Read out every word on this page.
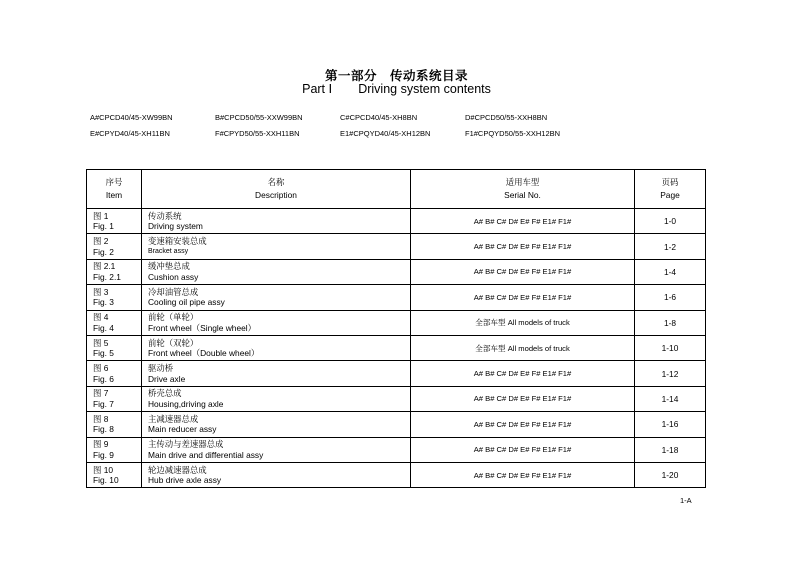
第一部分　传动系统目录
Part Ⅰ Driving system contents
A#CPCD40/45-XW99BN	B#CPCD50/55-XXW99BN	C#CPCD40/45-XH8BN	D#CPCD50/55-XXH8BN
E#CPYD40/45-XH11BN	F#CPYD50/55-XXH11BN	E1#CPQYD40/45-XH12BN	F1#CPQYD50/55-XXH12BN
序号
Item	名称
Description	适用车型
Serial No.	页码
Page

图 1
Fig. 1	传动系统
Driving system	A# B# C# D# E# F# E1# F1#	1-0

图 2
Fig. 2	变速箱安装总成
Bracket assy	A# B# C# D# E# F# E1# F1#	1-2

图 2.1
Fig. 2.1	缓冲垫总成
Cushion assy	A# B# C# D# E# F# E1# F1#	1-4

图 3
Fig. 3	冷却油管总成
Cooling oil pipe assy	A# B# C# D# E# F# E1# F1#	1-6

图 4
Fig. 4	前轮（单轮）
Front wheel（Single wheel）	全部车型 All models of truck	1-8

图 5
Fig. 5	前轮（双轮）
Front wheel（Double wheel）	全部车型 All models of truck	1-10

图 6
Fig. 6	驱动桥
Drive axle	A# B# C# D# E# F# E1# F1#	1-12

图 7
Fig. 7	桥壳总成
Housing,driving axle	A# B# C# D# E# F# E1# F1#	1-14

图 8
Fig. 8	主减速器总成
Main reducer assy	A# B# C# D# E# F# E1# F1#	1-16

图 9
Fig. 9	主传动与差速器总成
Main drive and differential assy	A# B# C# D# E# F# E1# F1#	1-18

图 10
Fig. 10	轮边减速器总成
Hub drive axle assy	A# B# C# D# E# F# E1# F1#	1-20
1-A
